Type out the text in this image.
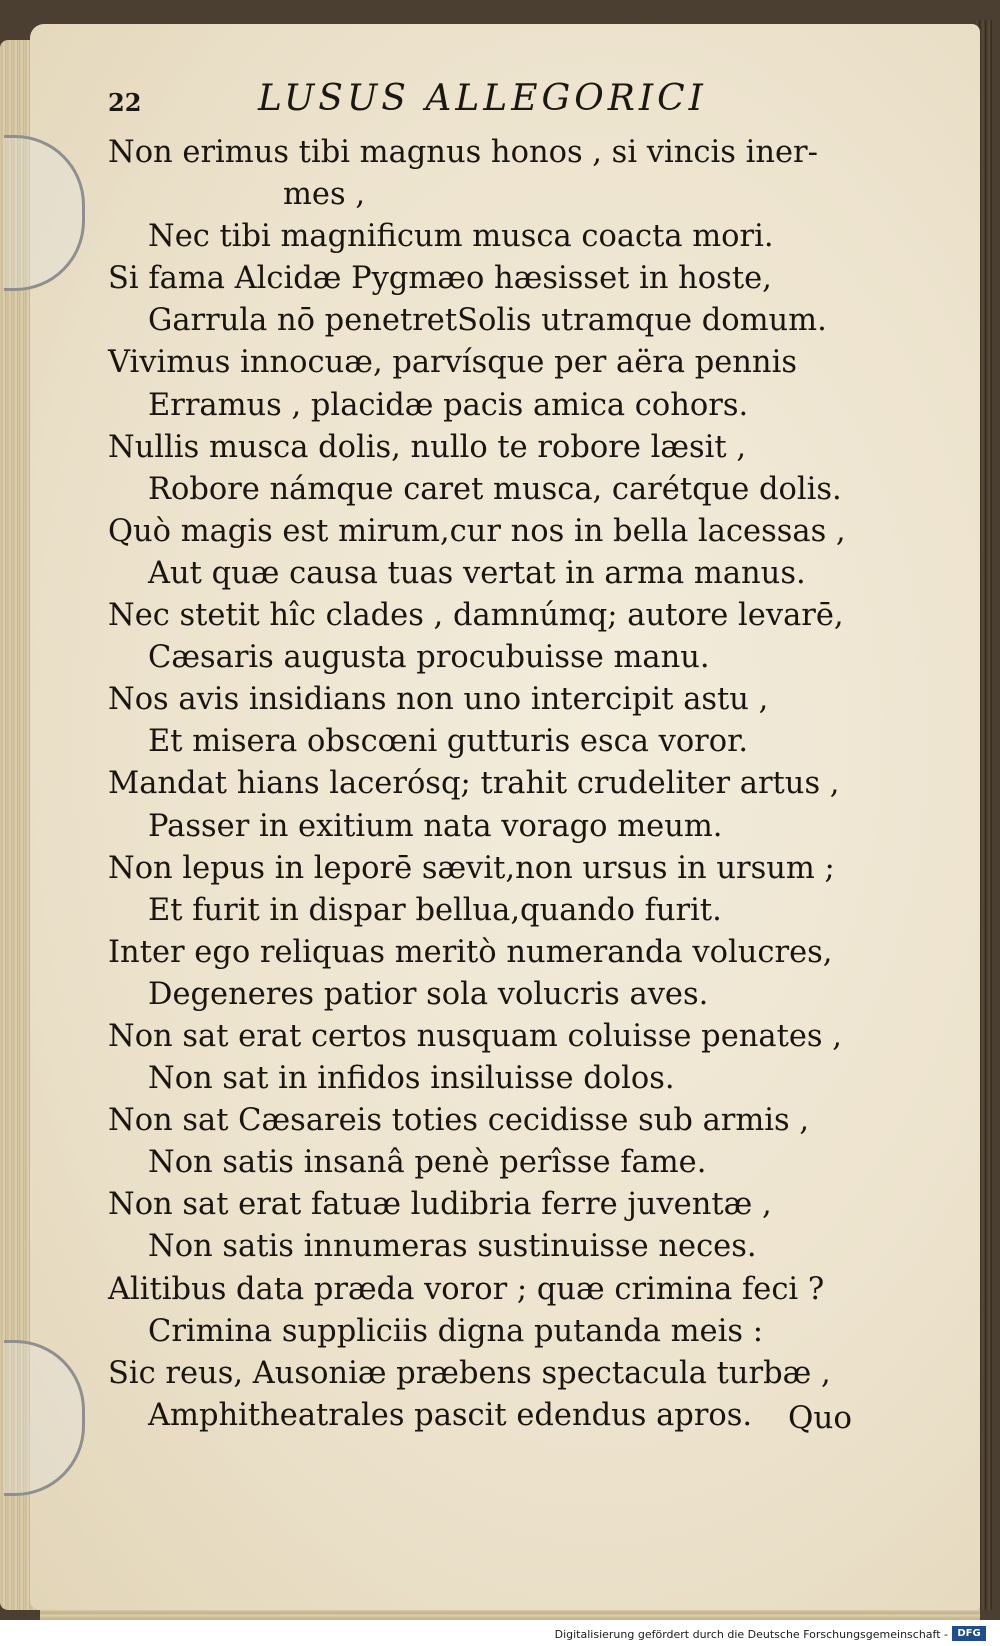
22	LUSUS ALLEGORICI
Non erimus tibi magnus honos , si vincis iner-
mes ,
Nec tibi magnificum musca coacta mori.
Si fama Alcidæ Pygmæo hæsisset in hoste,
Garrula nō penetretSolis utramque domum.
Vivimus innocuæ, parvísque per aëra pennis
Erramus , placidæ pacis amica cohors.
Nullis musca dolis, nullo te robore læsit ,
Robore námque caret musca, carétque dolis.
Quò magis est mirum,cur nos in bella lacessas ,
Aut quæ causa tuas vertat in arma manus.
Nec stetit hîc clades , damnúmq; autore levarē,
Cæsaris augusta procubuisse manu.
Nos avis insidians non uno intercipit astu ,
Et misera obscœni gutturis esca voror.
Mandat hians lacerósq; trahit crudeliter artus ,
Passer in exitium nata vorago meum.
Non lepus in leporē sævit,non ursus in ursum ;
Et furit in dispar bellua,quando furit.
Inter ego reliquas meritò numeranda volucres,
Degeneres patior sola volucris aves.
Non sat erat certos nusquam coluisse penates ,
Non sat in infidos insiluisse dolos.
Non sat Cæsareis toties cecidisse sub armis ,
Non satis insanâ penè perîsse fame.
Non sat erat fatuæ ludibria ferre juventæ ,
Non satis innumeras sustinuisse neces.
Alitibus data præda voror ; quæ crimina feci ?
Crimina suppliciis digna putanda meis :
Sic reus, Ausoniæ præbens spectacula turbæ ,
Amphitheatrales pascit edendus apros.	Quo
Digitalisierung gefördert durch die Deutsche Forschungsgemeinschaft - DFG
